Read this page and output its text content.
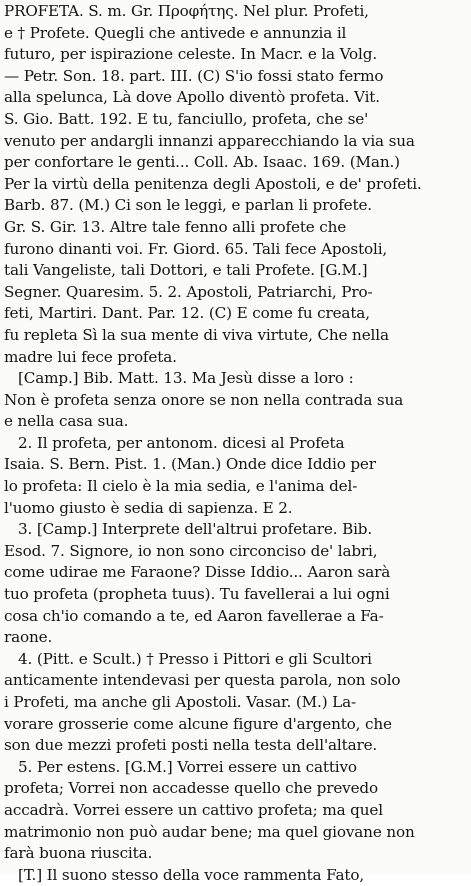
PROFETA. S. m. Gr. Προφήτης. Nel plur. Profeti,
e † Profete. Quegli che antivede e annunzia il
futuro, per ispirazione celeste. In Macr. e la Volg.
— Petr. Son. 18. part. III. (C) S'io fossi stato fermo
alla spelunca, Là dove Apollo diventò profeta. Vit.
S. Gio. Batt. 192. E tu, fanciullo, profeta, che se'
venuto per andargli innanzi apparecchiando la via sua
per confortare le genti... Coll. Ab. Isaac. 169. (Man.)
Per la virtù della penitenza degli Apostoli, e de' profeti.
Barb. 87. (M.) Ci son le leggi, e parlan li profete.
Gr. S. Gir. 13. Altre tale fenno alli profete che
furono dinanti voi. Fr. Giord. 65. Tali fece Apostoli,
tali Vangeliste, tali Dottori, e tali Profete. [G.M.]
Segner. Quaresim. 5. 2. Apostoli, Patriarchi, Pro-
feti, Martiri. Dant. Par. 12. (C) E come fu creata,
fu repleta Sì la sua mente di viva virtute, Che nella
madre lui fece profeta.
[Camp.] Bib. Matt. 13. Ma Jesù disse a loro :
Non è profeta senza onore se non nella contrada sua
e nella casa sua.
2. Il profeta, per antonom. dicesi al Profeta
Isaia. S. Bern. Pist. 1. (Man.) Onde dice Iddio per
lo profeta: Il cielo è la mia sedia, e l'anima del-
l'uomo giusto è sedia di sapienza. E 2.
3. [Camp.] Interprete dell'altrui profetare. Bib.
Esod. 7. Signore, io non sono circonciso de' labri,
come udirae me Faraone? Disse Iddio... Aaron sarà
tuo profeta (propheta tuus). Tu favellerai a lui ogni
cosa ch'io comando a te, ed Aaron favellerae a Fa-
raone.
4. (Pitt. e Scult.) † Presso i Pittori e gli Scultori
anticamente intendevasi per questa parola, non solo
i Profeti, ma anche gli Apostoli. Vasar. (M.) La-
vorare grosserie come alcune figure d'argento, che
son due mezzi profeti posti nella testa dell'altare.
5. Per estens. [G.M.] Vorrei essere un cattivo
profeta; Vorrei non accadesse quello che prevedo
accadrà. Vorrei essere un cattivo profeta; ma quel
matrimonio non può audar bene; ma quel giovane non
farà buona riuscita.
[T.] Il suono stesso della voce rammenta Fato,
